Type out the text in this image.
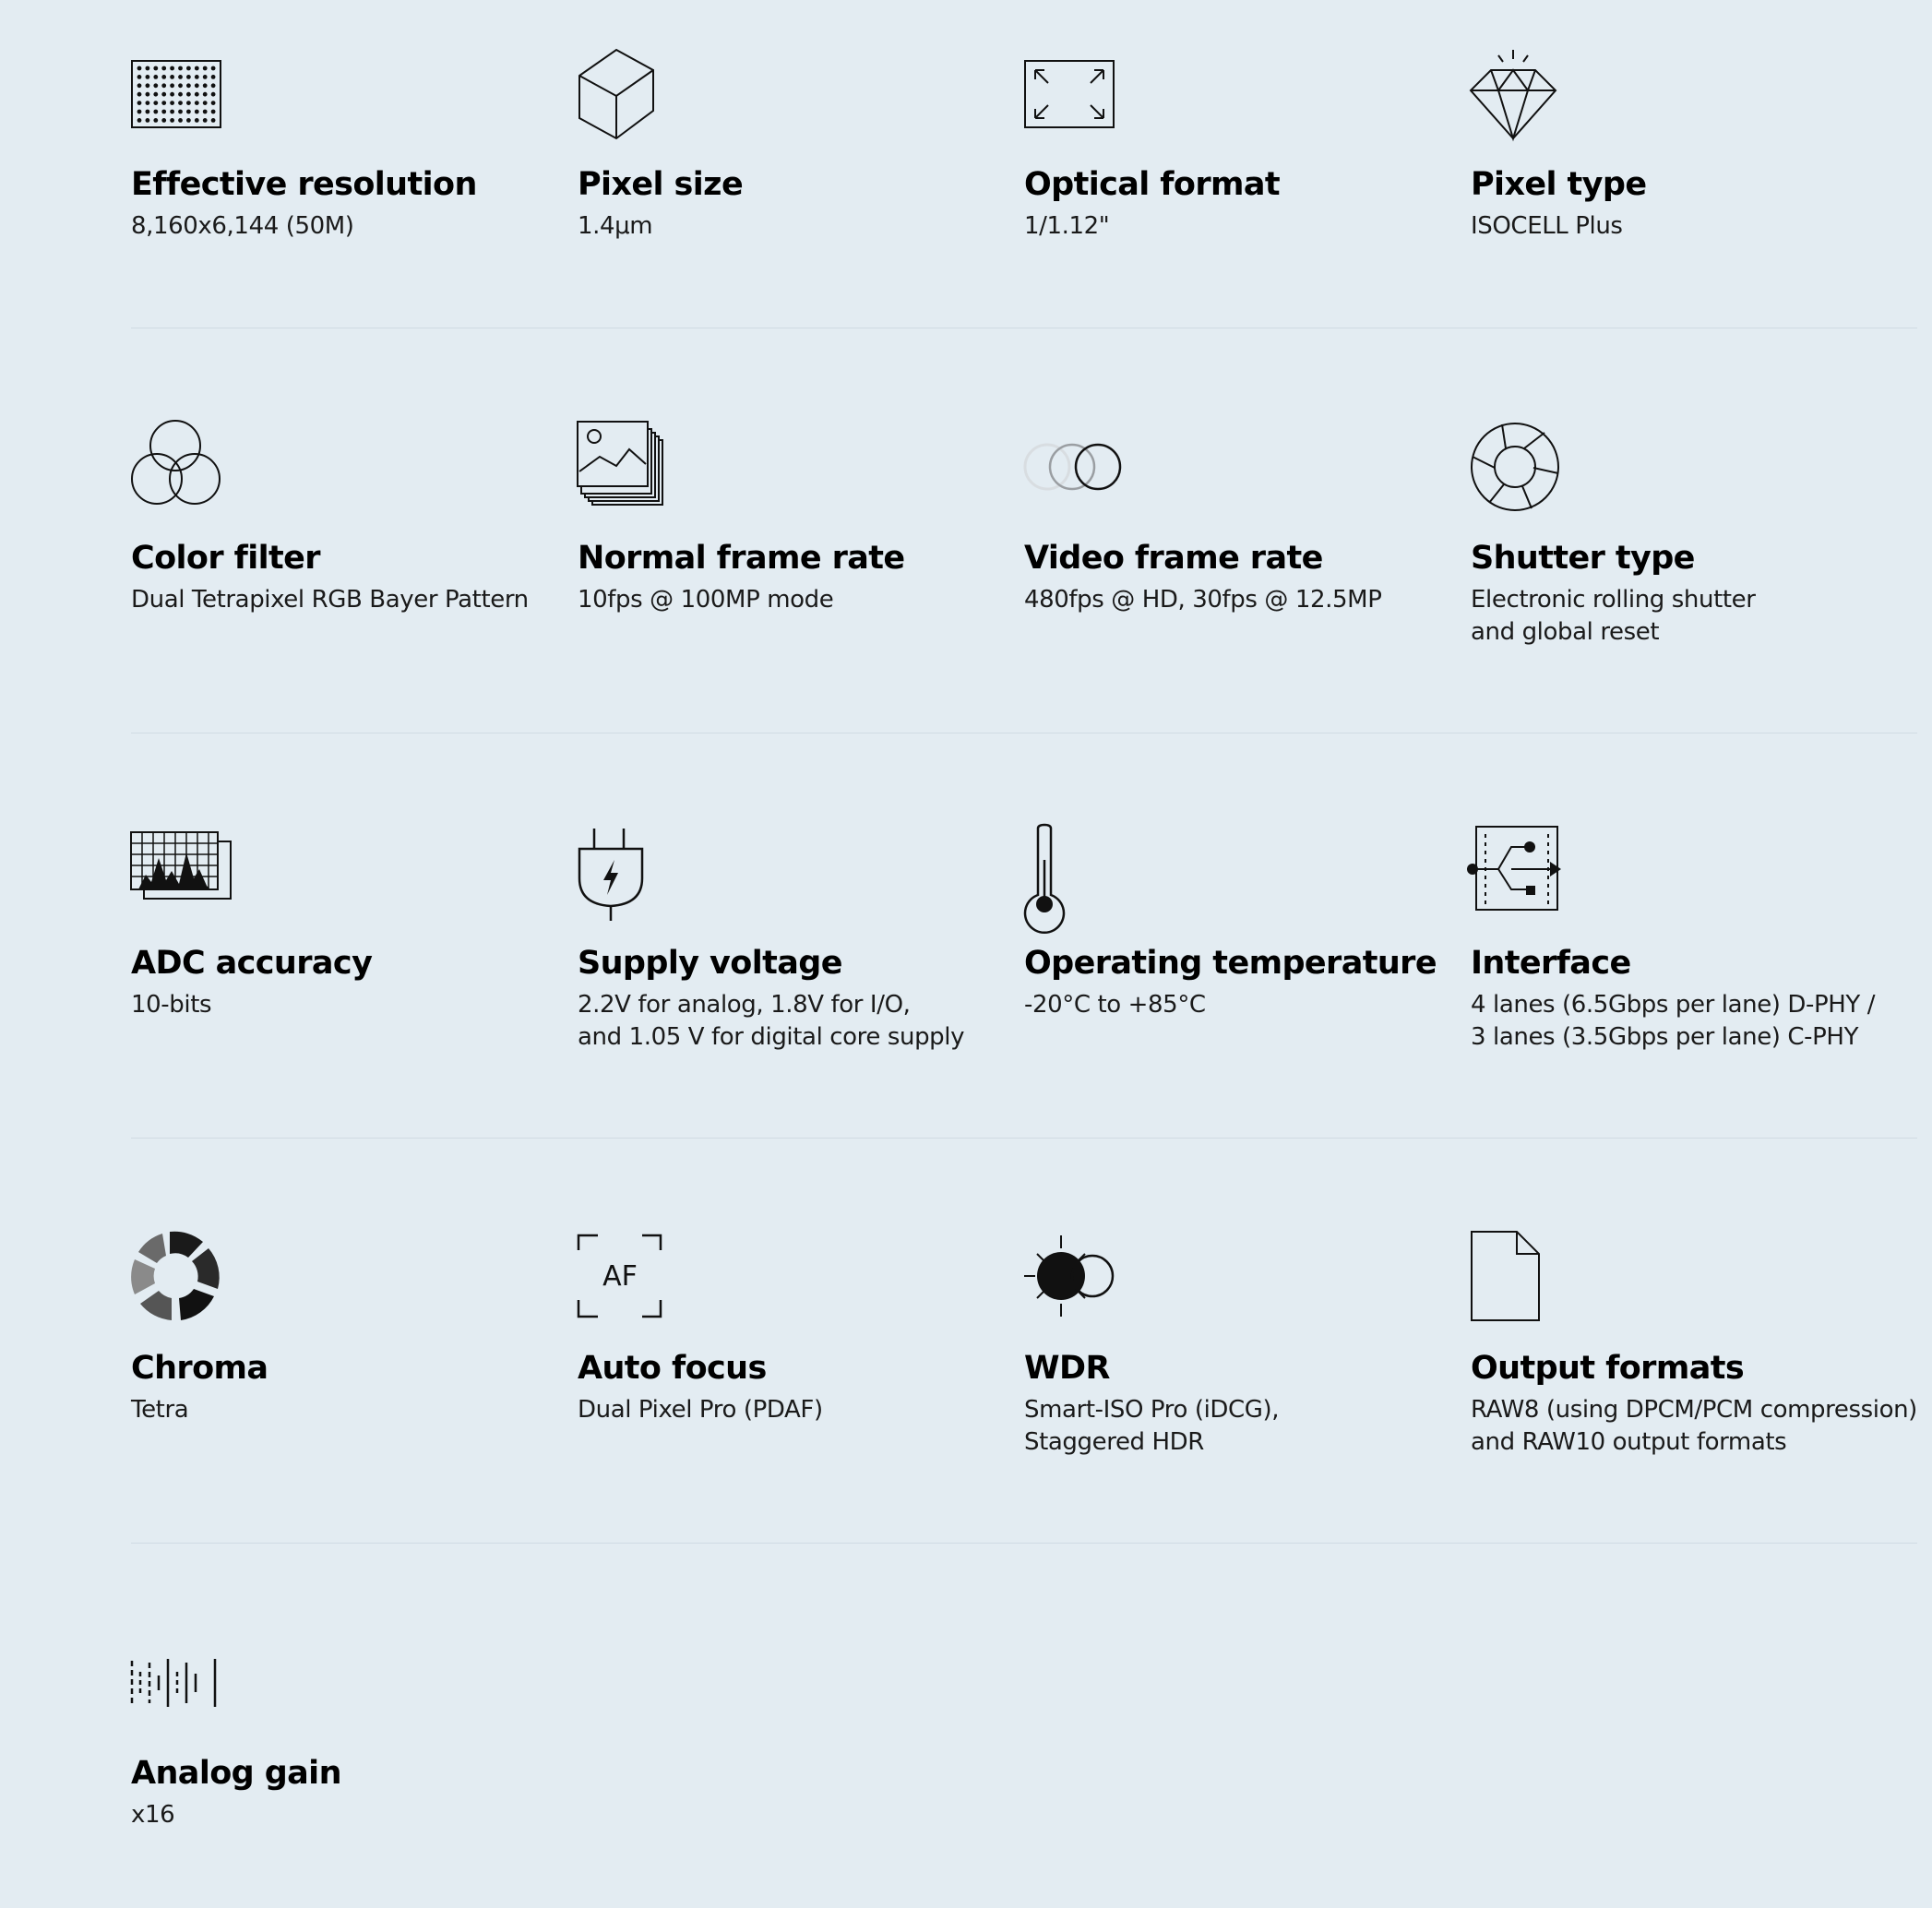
Effective resolution
8,160x6,144 (50M)
Pixel size
1.4μm
Optical format
1/1.12"
Pixel type
ISOCELL Plus
Color filter
Dual Tetrapixel RGB Bayer Pattern
Normal frame rate
10fps @ 100MP mode
Video frame rate
480fps @ HD, 30fps @ 12.5MP
Shutter type
Electronic rolling shutter
and global reset
ADC accuracy
10-bits
Supply voltage
2.2V for analog, 1.8V for I/O,
and 1.05 V for digital core supply
Operating temperature
-20°C to +85°C
Interface
4 lanes (6.5Gbps per lane) D-PHY /
3 lanes (3.5Gbps per lane) C-PHY
Chroma
Tetra
AF
Auto focus
Dual Pixel Pro (PDAF)
WDR
Smart-ISO Pro (iDCG),
Staggered HDR
Output formats
RAW8 (using DPCM/PCM compression)
and RAW10 output formats
Analog gain
x16
